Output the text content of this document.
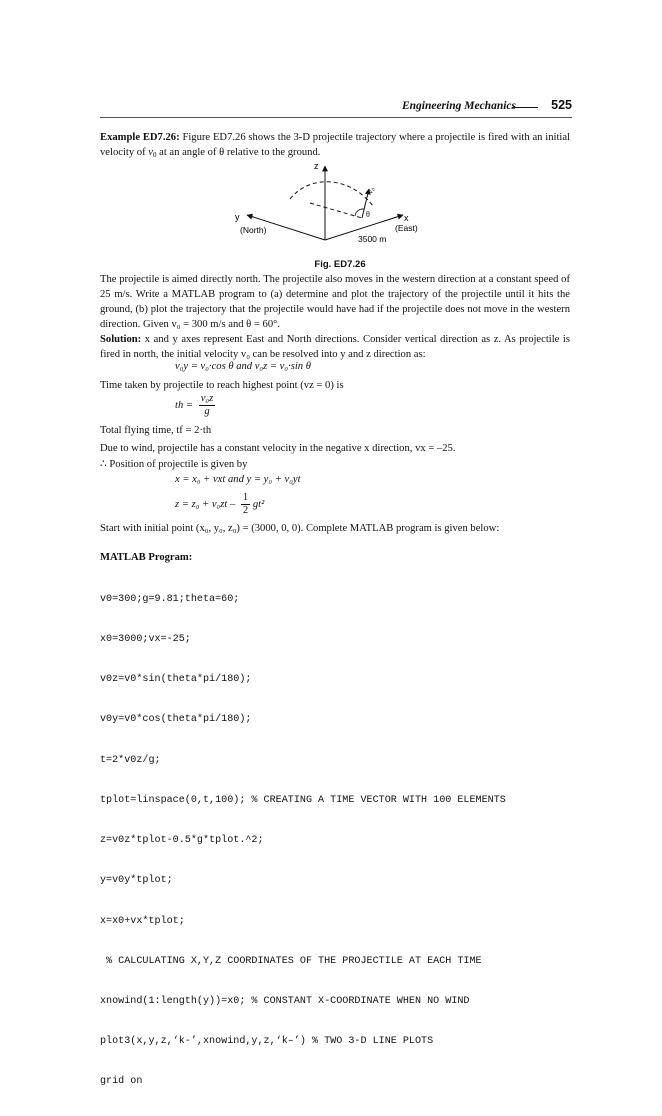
Engineering Mechanics	525

Example ED7.26: Figure ED7.26 shows the 3-D projectile trajectory where a projectile is fired with an initial velocity of $v_0$ at an angle of θ relative to the ground.

z
y	x
(North)	(East)
3500 m
θ
v₀
Fig. ED7.26

The projectile is aimed directly north. The projectile also moves in the western direction at a constant speed of 25 m/s. Write a MATLAB program to (a) determine and plot the trajectory of the projectile until it hits the ground, (b) plot the trajectory that the projectile would have had if the projectile does not move in the western direction. Given v₀ = 300 m/s and θ = 60°.

Solution: x and y axes represent East and North directions. Consider vertical direction as z. As projectile is fired in north, the initial velocity v₀ can be resolved into y and z direction as:

v₀y = v₀·cos θ and v₀z = v₀·sin θ

Time taken by projectile to reach highest point (vz = 0) is

th = $\frac{\text{v₀z}}{g}$

Total flying time, tf = 2·th

Due to wind, projectile has a constant velocity in the negative x direction, vx = –25.

∴ Position of projectile is given by

x = x₀ + vxt and y = y₀ + v₀yt
$z = z_0 + v_0zt - \frac{1}{2} gt^2$

Start with initial point (x₀, y₀, z₀) = (3000, 0, 0). Complete MATLAB program is given below:

MATLAB Program:

v0=300;g=9.81;theta=60;

x0=3000;vx=-25;

v0z=v0*sin(theta*pi/180);

v0y=v0*cos(theta*pi/180);

t=2*v0z/g;

tplot=linspace(0,t,100); % CREATING A TIME VECTOR WITH 100 ELEMENTS

z=v0z*tplot-0.5*g*tplot.^2;

y=v0y*tplot;

x=x0+vx*tplot;

% CALCULATING X,Y,Z COORDINATES OF THE PROJECTILE AT EACH TIME

xnowind(1:length(y))=x0; % CONSTANT X-COORDINATE WHEN NO WIND

plot3(x,y,z,‘k-’,xnowind,y,z,‘k–’) % TWO 3-D LINE PLOTS

grid on
